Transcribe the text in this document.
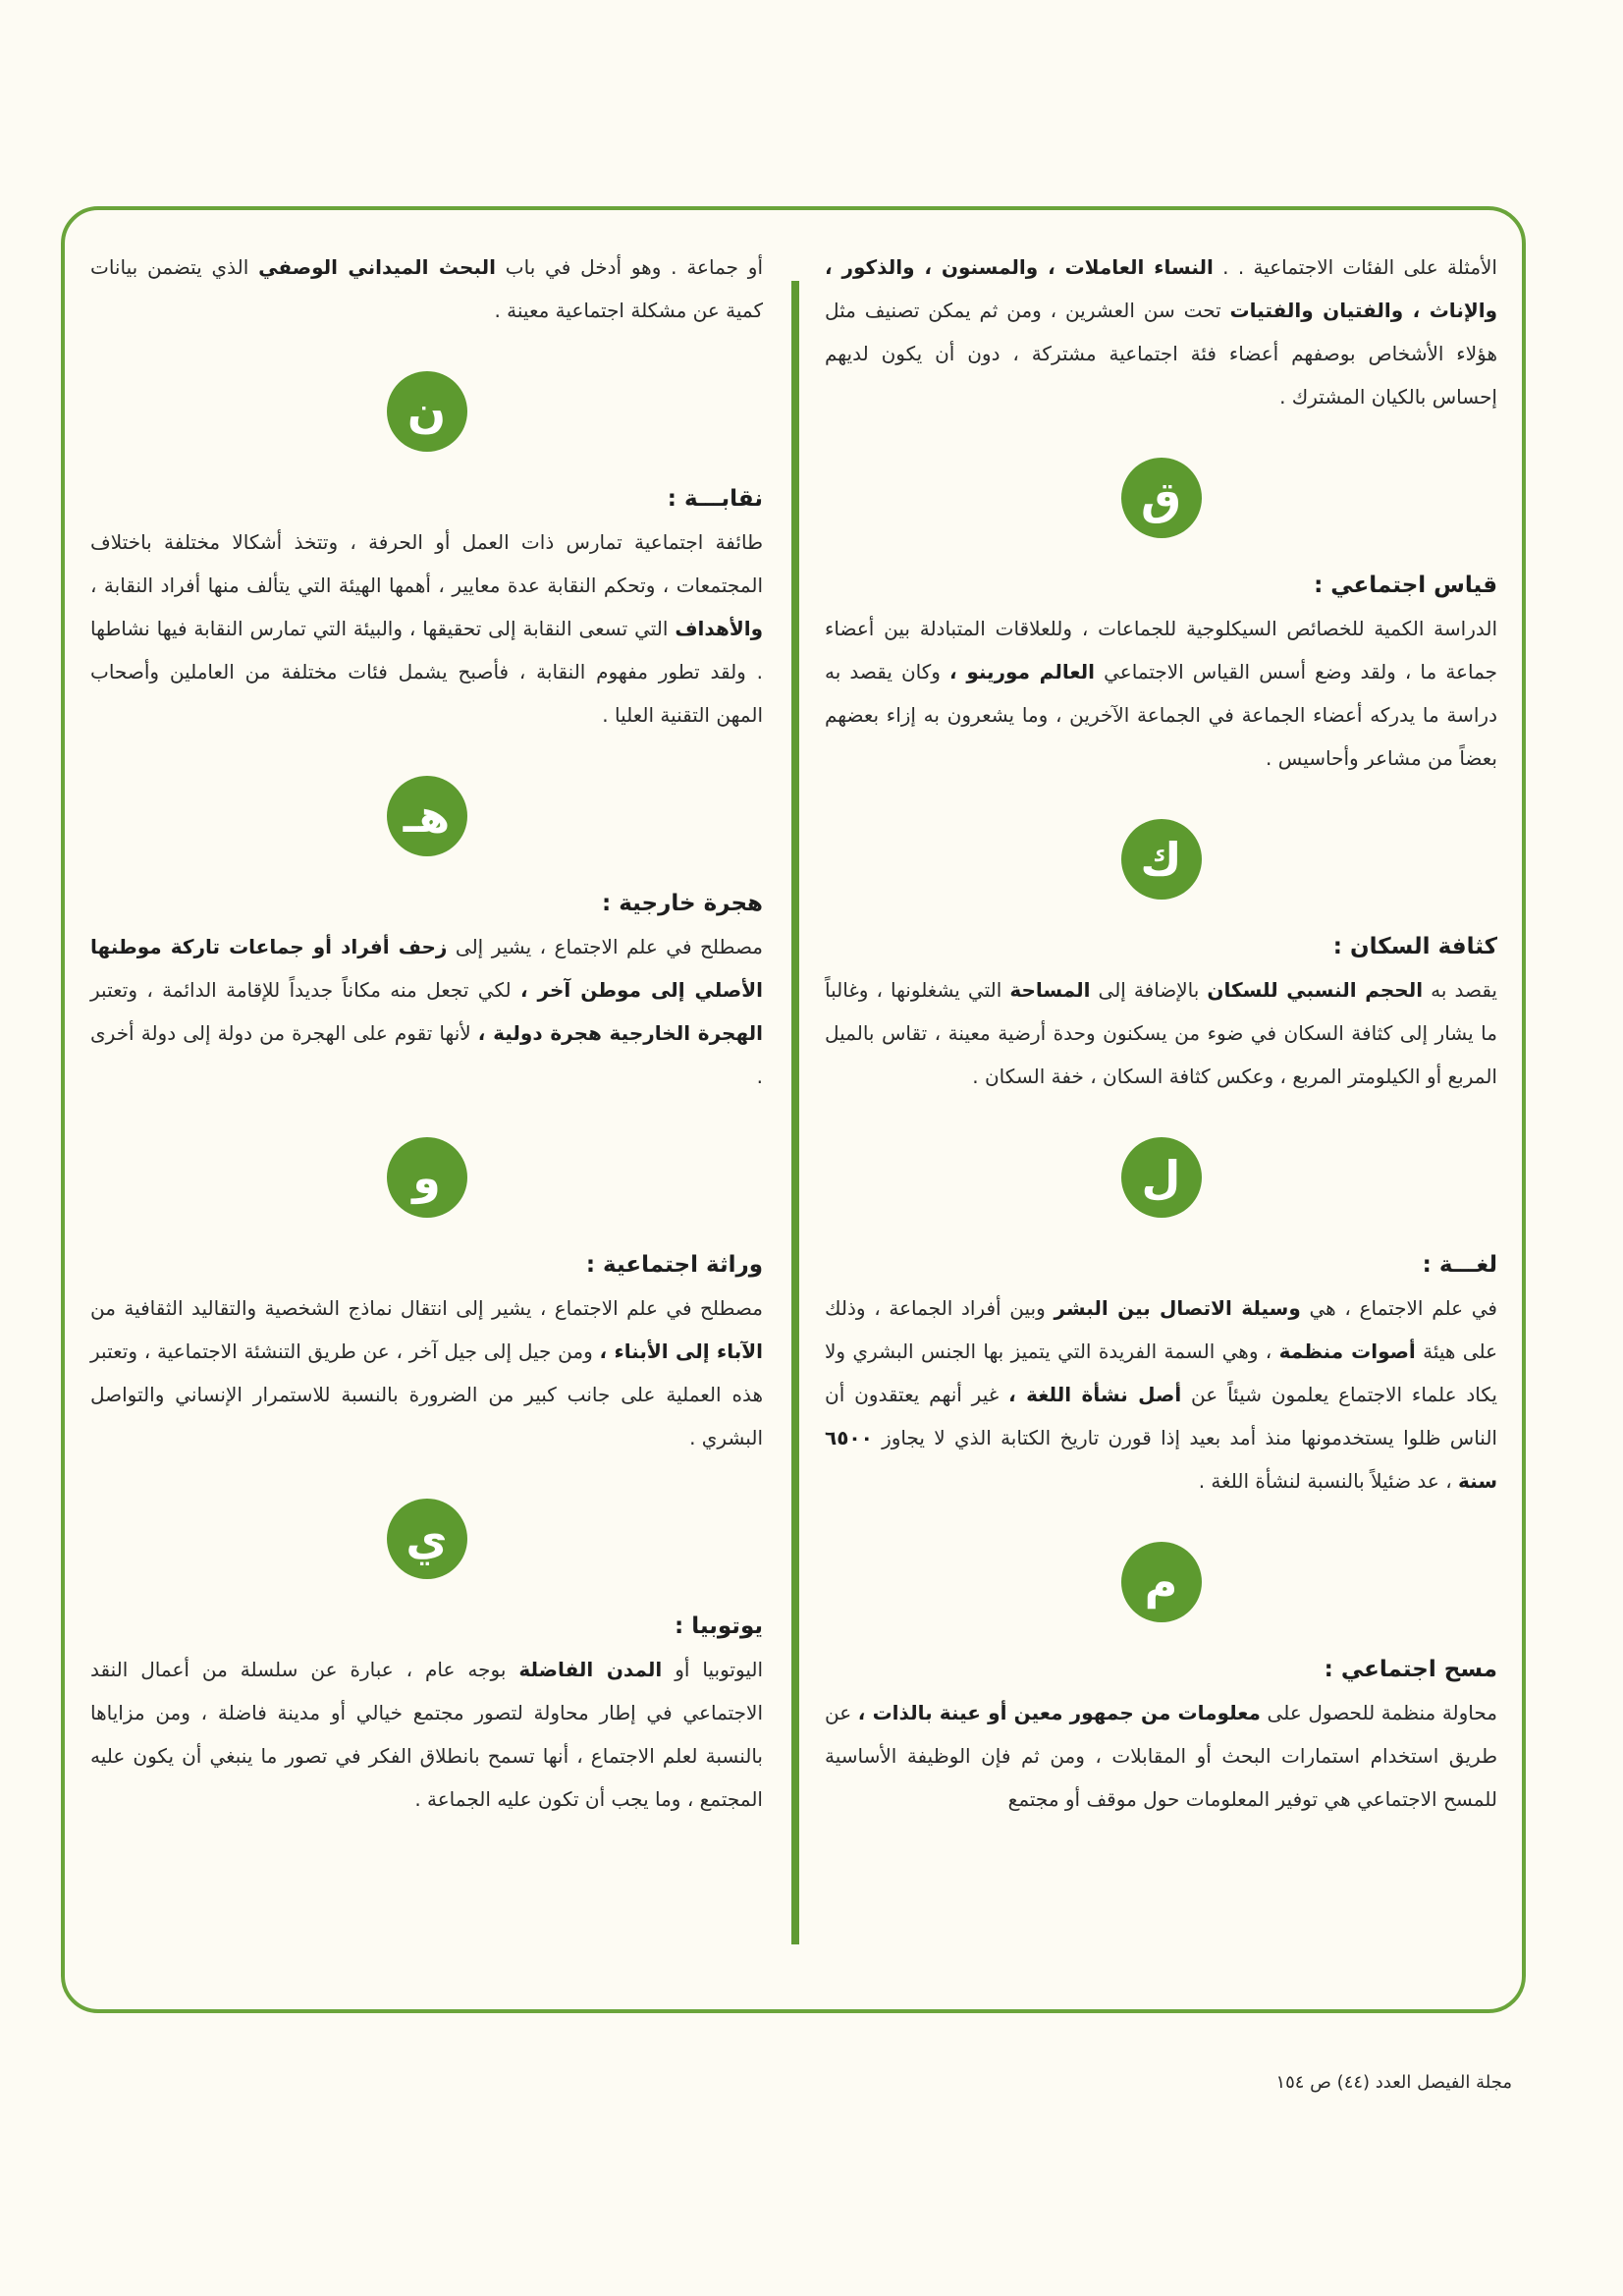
الأمثلة على الفئات الاجتماعية . . النساء العاملات ، والمسنون ، والذكور ، والإناث ، والفتيان والفتيات تحت سن العشرين ، ومن ثم يمكن تصنيف مثل هؤلاء الأشخاص بوصفهم أعضاء فئة اجتماعية مشتركة ، دون أن يكون لديهم إحساس بالكيان المشترك .

ق
قياس اجتماعي :

الدراسة الكمية للخصائص السيكلوجية للجماعات ، وللعلاقات المتبادلة بين أعضاء جماعة ما ، ولقد وضع أسس القياس الاجتماعي العالم مورينو ، وكان يقصد به دراسة ما يدركه أعضاء الجماعة في الجماعة الآخرين ، وما يشعرون به إزاء بعضهم بعضاً من مشاعر وأحاسيس .

ك
كثافة السكان :

يقصد به الحجم النسبي للسكان بالإضافة إلى المساحة التي يشغلونها ، وغالباً ما يشار إلى كثافة السكان في ضوء من يسكنون وحدة أرضية معينة ، تقاس بالميل المربع أو الكيلومتر المربع ، وعكس كثافة السكان ، خفة السكان .

ل
لغـــة :

في علم الاجتماع ، هي وسيلة الاتصال بين البشر وبين أفراد الجماعة ، وذلك على هيئة أصوات منظمة ، وهي السمة الفريدة التي يتميز بها الجنس البشري ولا يكاد علماء الاجتماع يعلمون شيئاً عن أصل نشأة اللغة ، غير أنهم يعتقدون أن الناس ظلوا يستخدمونها منذ أمد بعيد إذا قورن تاريخ الكتابة الذي لا يجاوز ٦٥٠٠ سنة ، عد ضئيلاً بالنسبة لنشأة اللغة .

م
مسح اجتماعي :

محاولة منظمة للحصول على معلومات من جمهور معين أو عينة بالذات ، عن طريق استخدام استمارات البحث أو المقابلات ، ومن ثم فإن الوظيفة الأساسية للمسح الاجتماعي هي توفير المعلومات حول موقف أو مجتمع

أو جماعة . وهو أدخل في باب البحث الميداني الوصفي الذي يتضمن بيانات كمية عن مشكلة اجتماعية معينة .

ن
نقابـــة :

طائفة اجتماعية تمارس ذات العمل أو الحرفة ، وتتخذ أشكالا مختلفة باختلاف المجتمعات ، وتحكم النقابة عدة معايير ، أهمها الهيئة التي يتألف منها أفراد النقابة ، والأهداف التي تسعى النقابة إلى تحقيقها ، والبيئة التي تمارس النقابة فيها نشاطها . ولقد تطور مفهوم النقابة ، فأصبح يشمل فئات مختلفة من العاملين وأصحاب المهن التقنية العليا .

هـ
هجرة خارجية :

مصطلح في علم الاجتماع ، يشير إلى زحف أفراد أو جماعات تاركة موطنها الأصلي إلى موطن آخر ، لكي تجعل منه مكاناً جديداً للإقامة الدائمة ، وتعتبر الهجرة الخارجية هجرة دولية ، لأنها تقوم على الهجرة من دولة إلى دولة أخرى .

و
وراثة اجتماعية :

مصطلح في علم الاجتماع ، يشير إلى انتقال نماذج الشخصية والتقاليد الثقافية من الآباء إلى الأبناء ، ومن جيل إلى جيل آخر ، عن طريق التنشئة الاجتماعية ، وتعتبر هذه العملية على جانب كبير من الضرورة بالنسبة للاستمرار الإنساني والتواصل البشري .

ي
يوتوبيا :

اليوتوبيا أو المدن الفاضلة بوجه عام ، عبارة عن سلسلة من أعمال النقد الاجتماعي في إطار محاولة لتصور مجتمع خيالي أو مدينة فاضلة ، ومن مزاياها بالنسبة لعلم الاجتماع ، أنها تسمح بانطلاق الفكر في تصور ما ينبغي أن يكون عليه المجتمع ، وما يجب أن تكون عليه الجماعة .

مجلة الفيصل العدد (٤٤) ص ١٥٤
